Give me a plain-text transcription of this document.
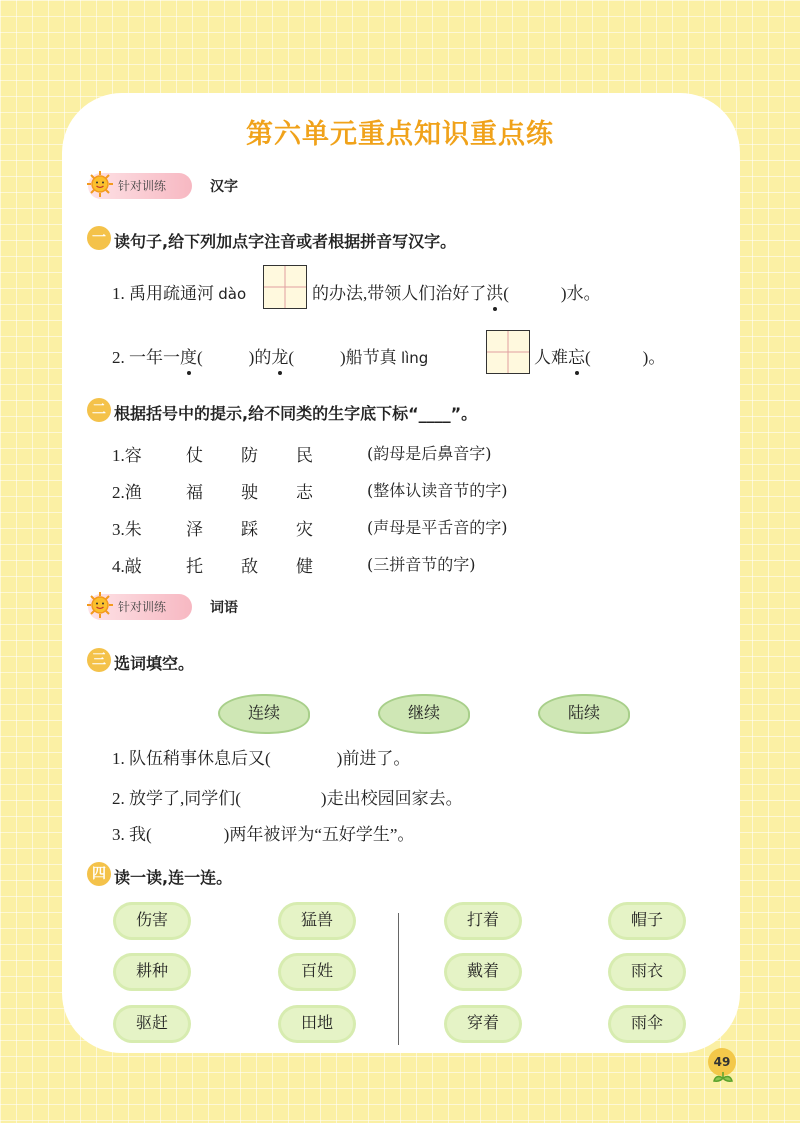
第六单元重点知识重点练
针对训练	汉字
一 读句子,给下列加点字注音或者根据拼音写汉字。
1. 禹用疏通河 dào	的办法,带领人们治好了洪(	)水。
2. 一年一度(	)的龙(	)船节真 lìng	人难忘(	)。
二 根据括号中的提示,给不同类的生字底下标“____”。
1.容	仗 防 民	(韵母是后鼻音字)
2.渔	福 驶 志	(整体认读音节的字)
3.朱	泽 踩 灾	(声母是平舌音的字)
4.敲	托 敌 健	(三拼音节的字)
针对训练	词语
三 选词填空。
连续	继续	陆续
1. 队伍稍事休息后又(	)前进了。
2. 放学了,同学们(	)走出校园回家去。
3. 我(	)两年被评为“五好学生”。
四 读一读,连一连。
伤害
耕种
驱赶
猛兽
百姓
田地
打着
戴着
穿着
帽子
雨衣
雨伞
49
